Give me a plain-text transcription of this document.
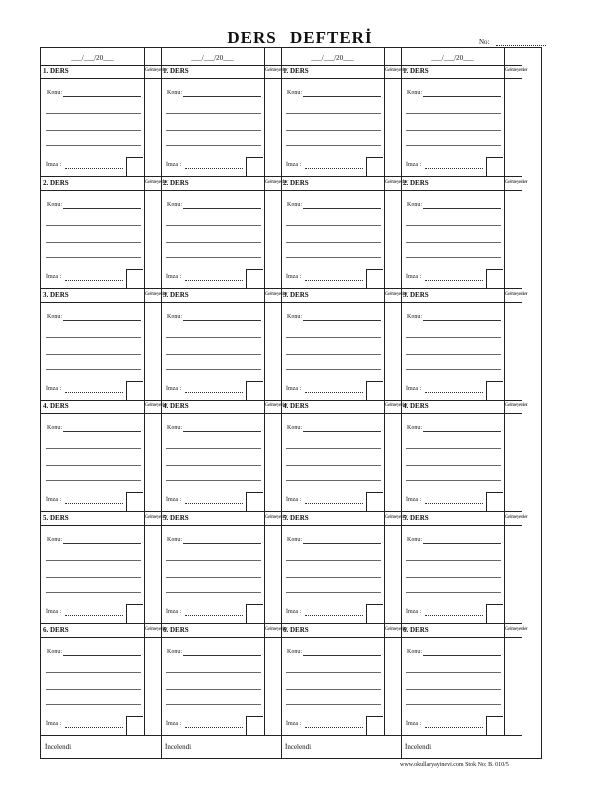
DERS DEFTERİ	No:
___/___/20___
1. DERS	Gelmeyenler
Konu:
İmza :
2. DERS	Gelmeyenler
Konu:
İmza :
3. DERS	Gelmeyenler
Konu:
İmza :
4. DERS	Gelmeyenler
Konu:
İmza :
5. DERS	Gelmeyenler
Konu:
İmza :
6. DERS	Gelmeyenler
Konu:
İmza :
İncelendi
___/___/20___
1. DERS	Gelmeyenler
Konu:
İmza :
2. DERS	Gelmeyenler
Konu:
İmza :
3. DERS	Gelmeyenler
Konu:
İmza :
4. DERS	Gelmeyenler
Konu:
İmza :
5. DERS	Gelmeyenler
Konu:
İmza :
6. DERS	Gelmeyenler
Konu:
İmza :
İncelendi
___/___/20___
1. DERS	Gelmeyenler
Konu:
İmza :
2. DERS	Gelmeyenler
Konu:
İmza :
3. DERS	Gelmeyenler
Konu:
İmza :
4. DERS	Gelmeyenler
Konu:
İmza :
5. DERS	Gelmeyenler
Konu:
İmza :
6. DERS	Gelmeyenler
Konu:
İmza :
İncelendi
___/___/20___
1. DERS	Gelmeyenler
Konu:
İmza :
2. DERS	Gelmeyenler
Konu:
İmza :
3. DERS	Gelmeyenler
Konu:
İmza :
4. DERS	Gelmeyenler
Konu:
İmza :
5. DERS	Gelmeyenler
Konu:
İmza :
6. DERS	Gelmeyenler
Konu:
İmza :
İncelendi
www.okullaryayinevi.com Stok No: B. 010/5
